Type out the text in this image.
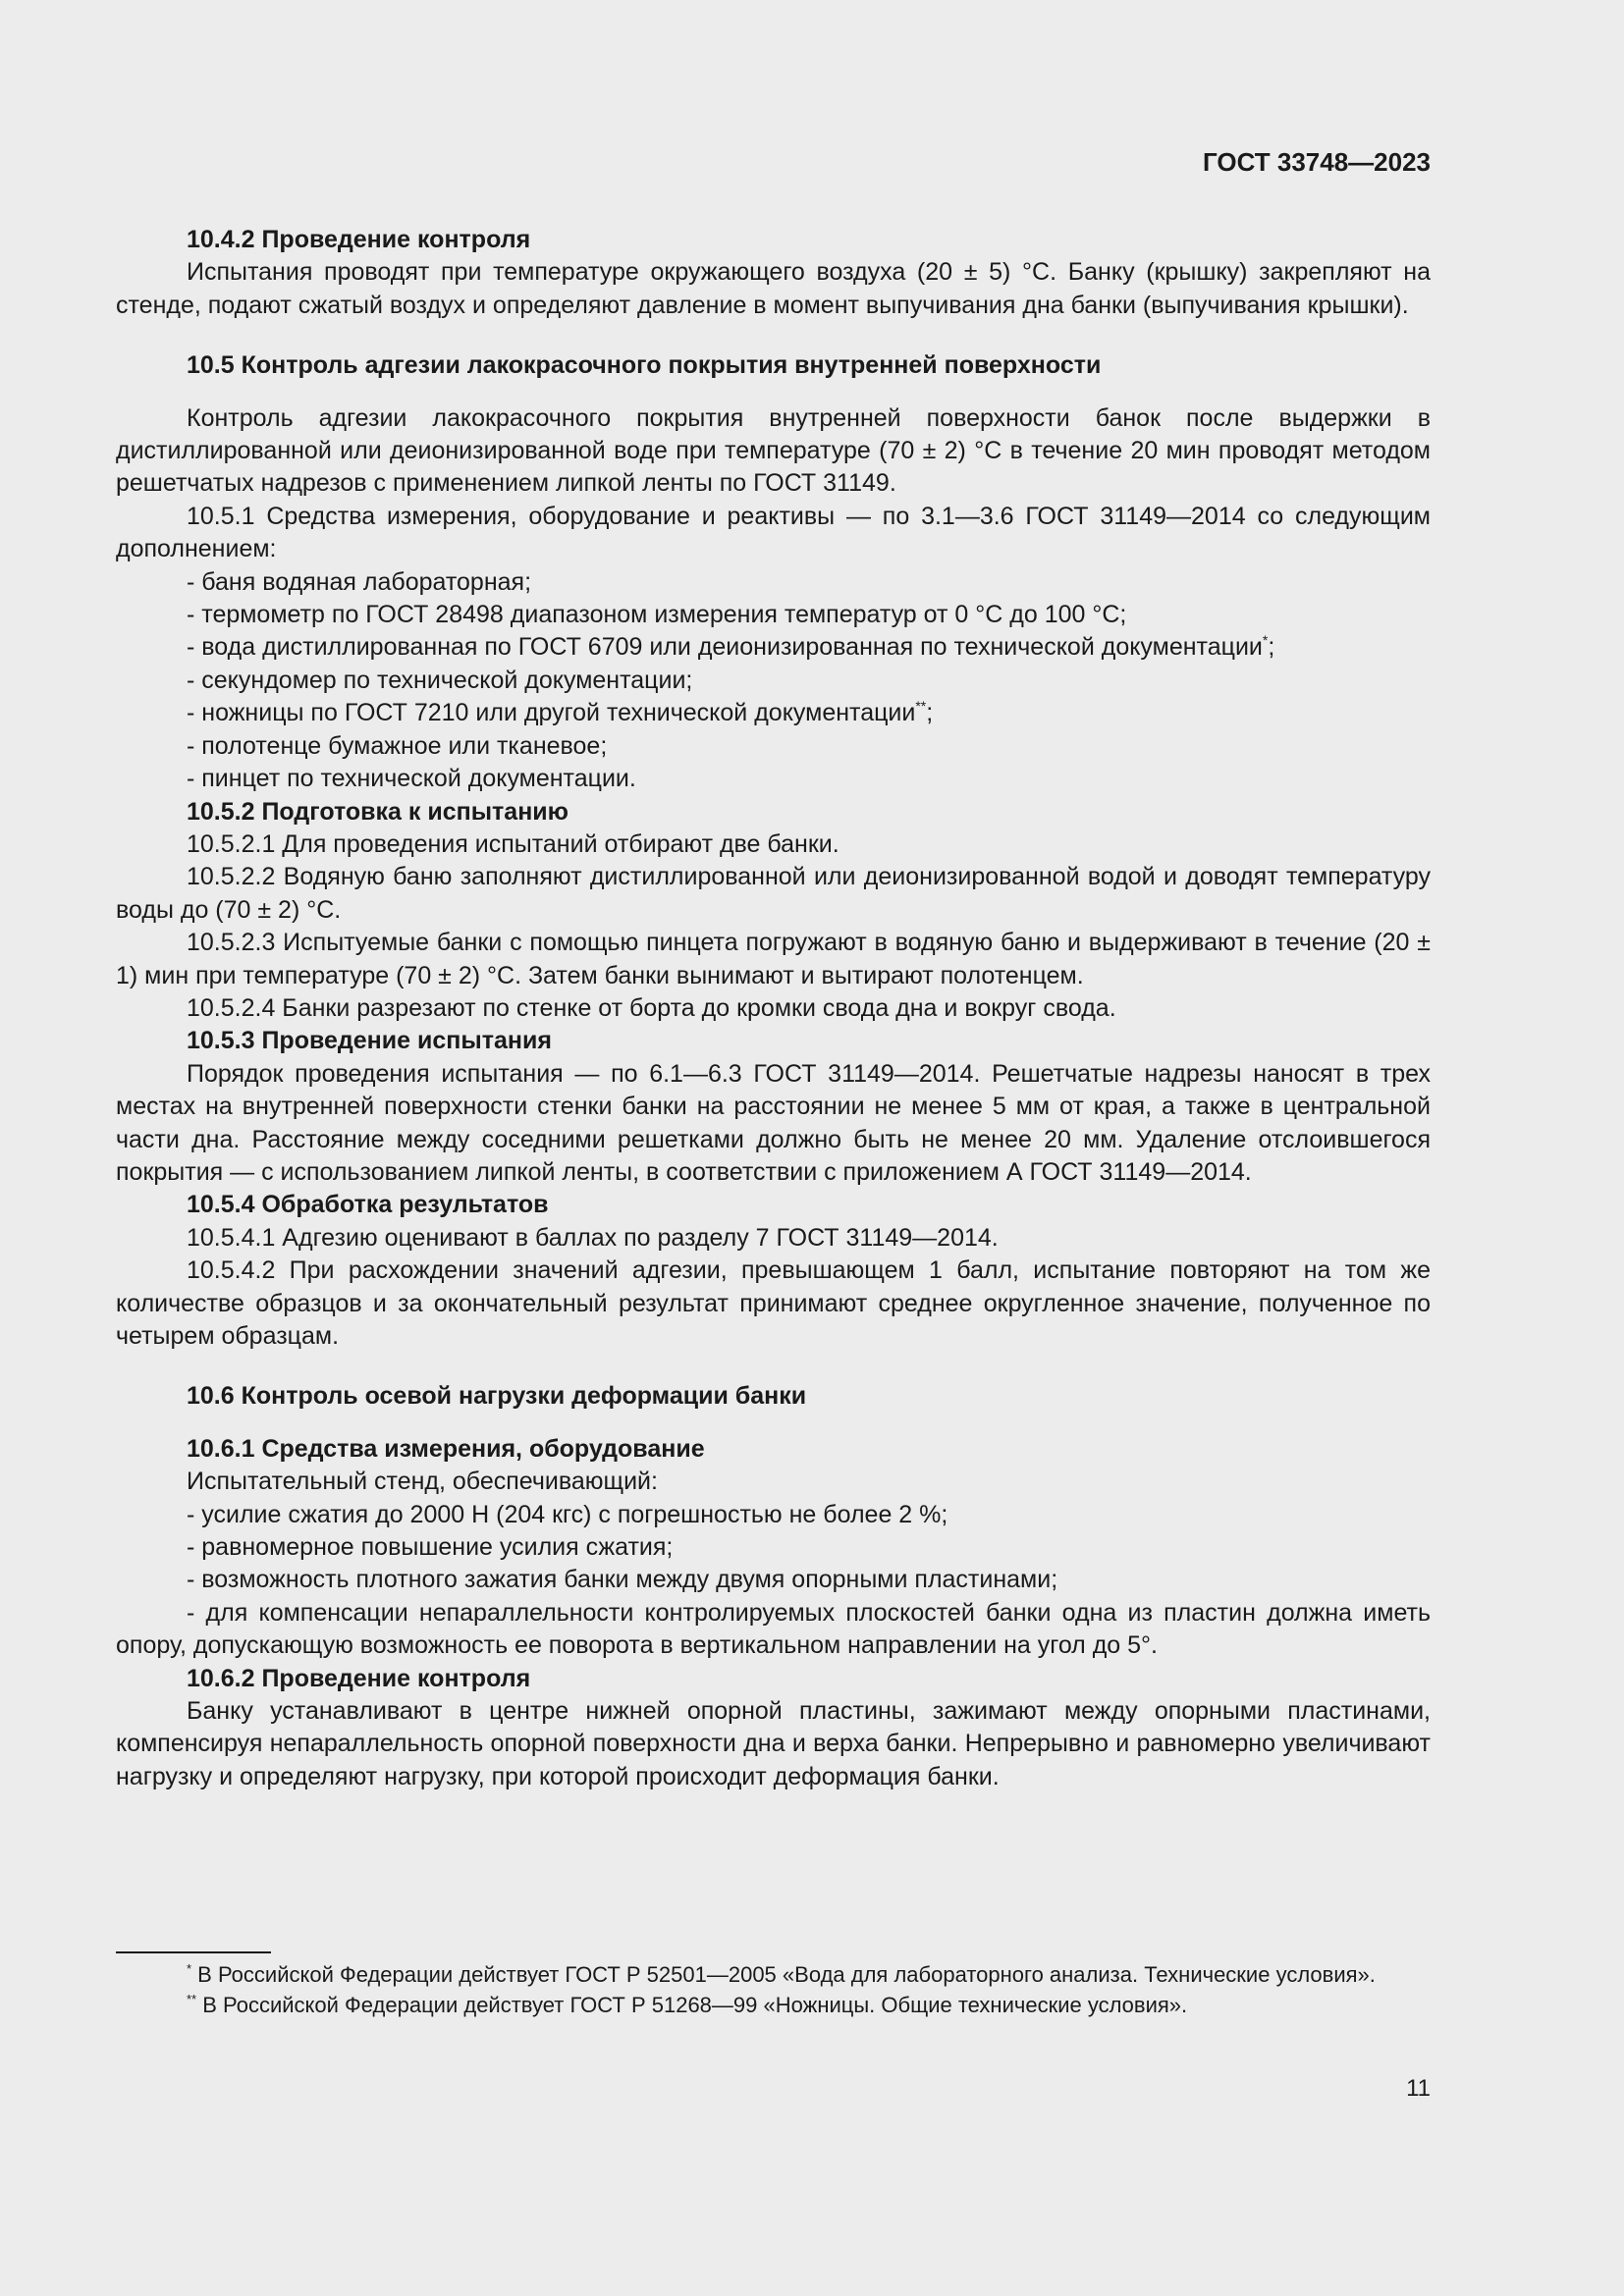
ГОСТ 33748—2023

10.4.2 Проведение контроля

Испытания проводят при температуре окружающего воздуха (20 ± 5) °С. Банку (крышку) закрепляют на стенде, подают сжатый воздух и определяют давление в момент выпучивания дна банки (выпучивания крышки).

10.5 Контроль адгезии лакокрасочного покрытия внутренней поверхности

Контроль адгезии лакокрасочного покрытия внутренней поверхности банок после выдержки в дистиллированной или деионизированной воде при температуре (70 ± 2) °С в течение 20 мин проводят методом решетчатых надрезов с применением липкой ленты по ГОСТ 31149.

10.5.1 Средства измерения, оборудование и реактивы — по 3.1—3.6 ГОСТ 31149—2014 со следующим дополнением:

- баня водяная лабораторная;

- термометр по ГОСТ 28498 диапазоном измерения температур от 0 °С до 100 °С;

- вода дистиллированная по ГОСТ 6709 или деионизированная по технической документации*;

- секундомер по технической документации;

- ножницы по ГОСТ 7210 или другой технической документации**;

- полотенце бумажное или тканевое;

- пинцет по технической документации.

10.5.2 Подготовка к испытанию

10.5.2.1 Для проведения испытаний отбирают две банки.

10.5.2.2 Водяную баню заполняют дистиллированной или деионизированной водой и доводят температуру воды до (70 ± 2) °С.

10.5.2.3 Испытуемые банки с помощью пинцета погружают в водяную баню и выдерживают в течение (20 ± 1) мин при температуре (70 ± 2) °С. Затем банки вынимают и вытирают полотенцем.

10.5.2.4 Банки разрезают по стенке от борта до кромки свода дна и вокруг свода.

10.5.3 Проведение испытания

Порядок проведения испытания — по 6.1—6.3 ГОСТ 31149—2014. Решетчатые надрезы наносят в трех местах на внутренней поверхности стенки банки на расстоянии не менее 5 мм от края, а также в центральной части дна. Расстояние между соседними решетками должно быть не менее 20 мм. Удаление отслоившегося покрытия — с использованием липкой ленты, в соответствии с приложением А ГОСТ 31149—2014.

10.5.4 Обработка результатов

10.5.4.1 Адгезию оценивают в баллах по разделу 7 ГОСТ 31149—2014.

10.5.4.2 При расхождении значений адгезии, превышающем 1 балл, испытание повторяют на том же количестве образцов и за окончательный результат принимают среднее округленное значение, полученное по четырем образцам.

10.6 Контроль осевой нагрузки деформации банки

10.6.1 Средства измерения, оборудование

Испытательный стенд, обеспечивающий:

- усилие сжатия до 2000 Н (204 кгс) с погрешностью не более 2 %;

- равномерное повышение усилия сжатия;

- возможность плотного зажатия банки между двумя опорными пластинами;

- для компенсации непараллельности контролируемых плоскостей банки одна из пластин должна иметь опору, допускающую возможность ее поворота в вертикальном направлении на угол до 5°.

10.6.2 Проведение контроля

Банку устанавливают в центре нижней опорной пластины, зажимают между опорными пластинами, компенсируя непараллельность опорной поверхности дна и верха банки. Непрерывно и равномерно увеличивают нагрузку и определяют нагрузку, при которой происходит деформация банки.

* В Российской Федерации действует ГОСТ Р 52501—2005 «Вода для лабораторного анализа. Технические условия».

** В Российской Федерации действует ГОСТ Р 51268—99 «Ножницы. Общие технические условия».

11
